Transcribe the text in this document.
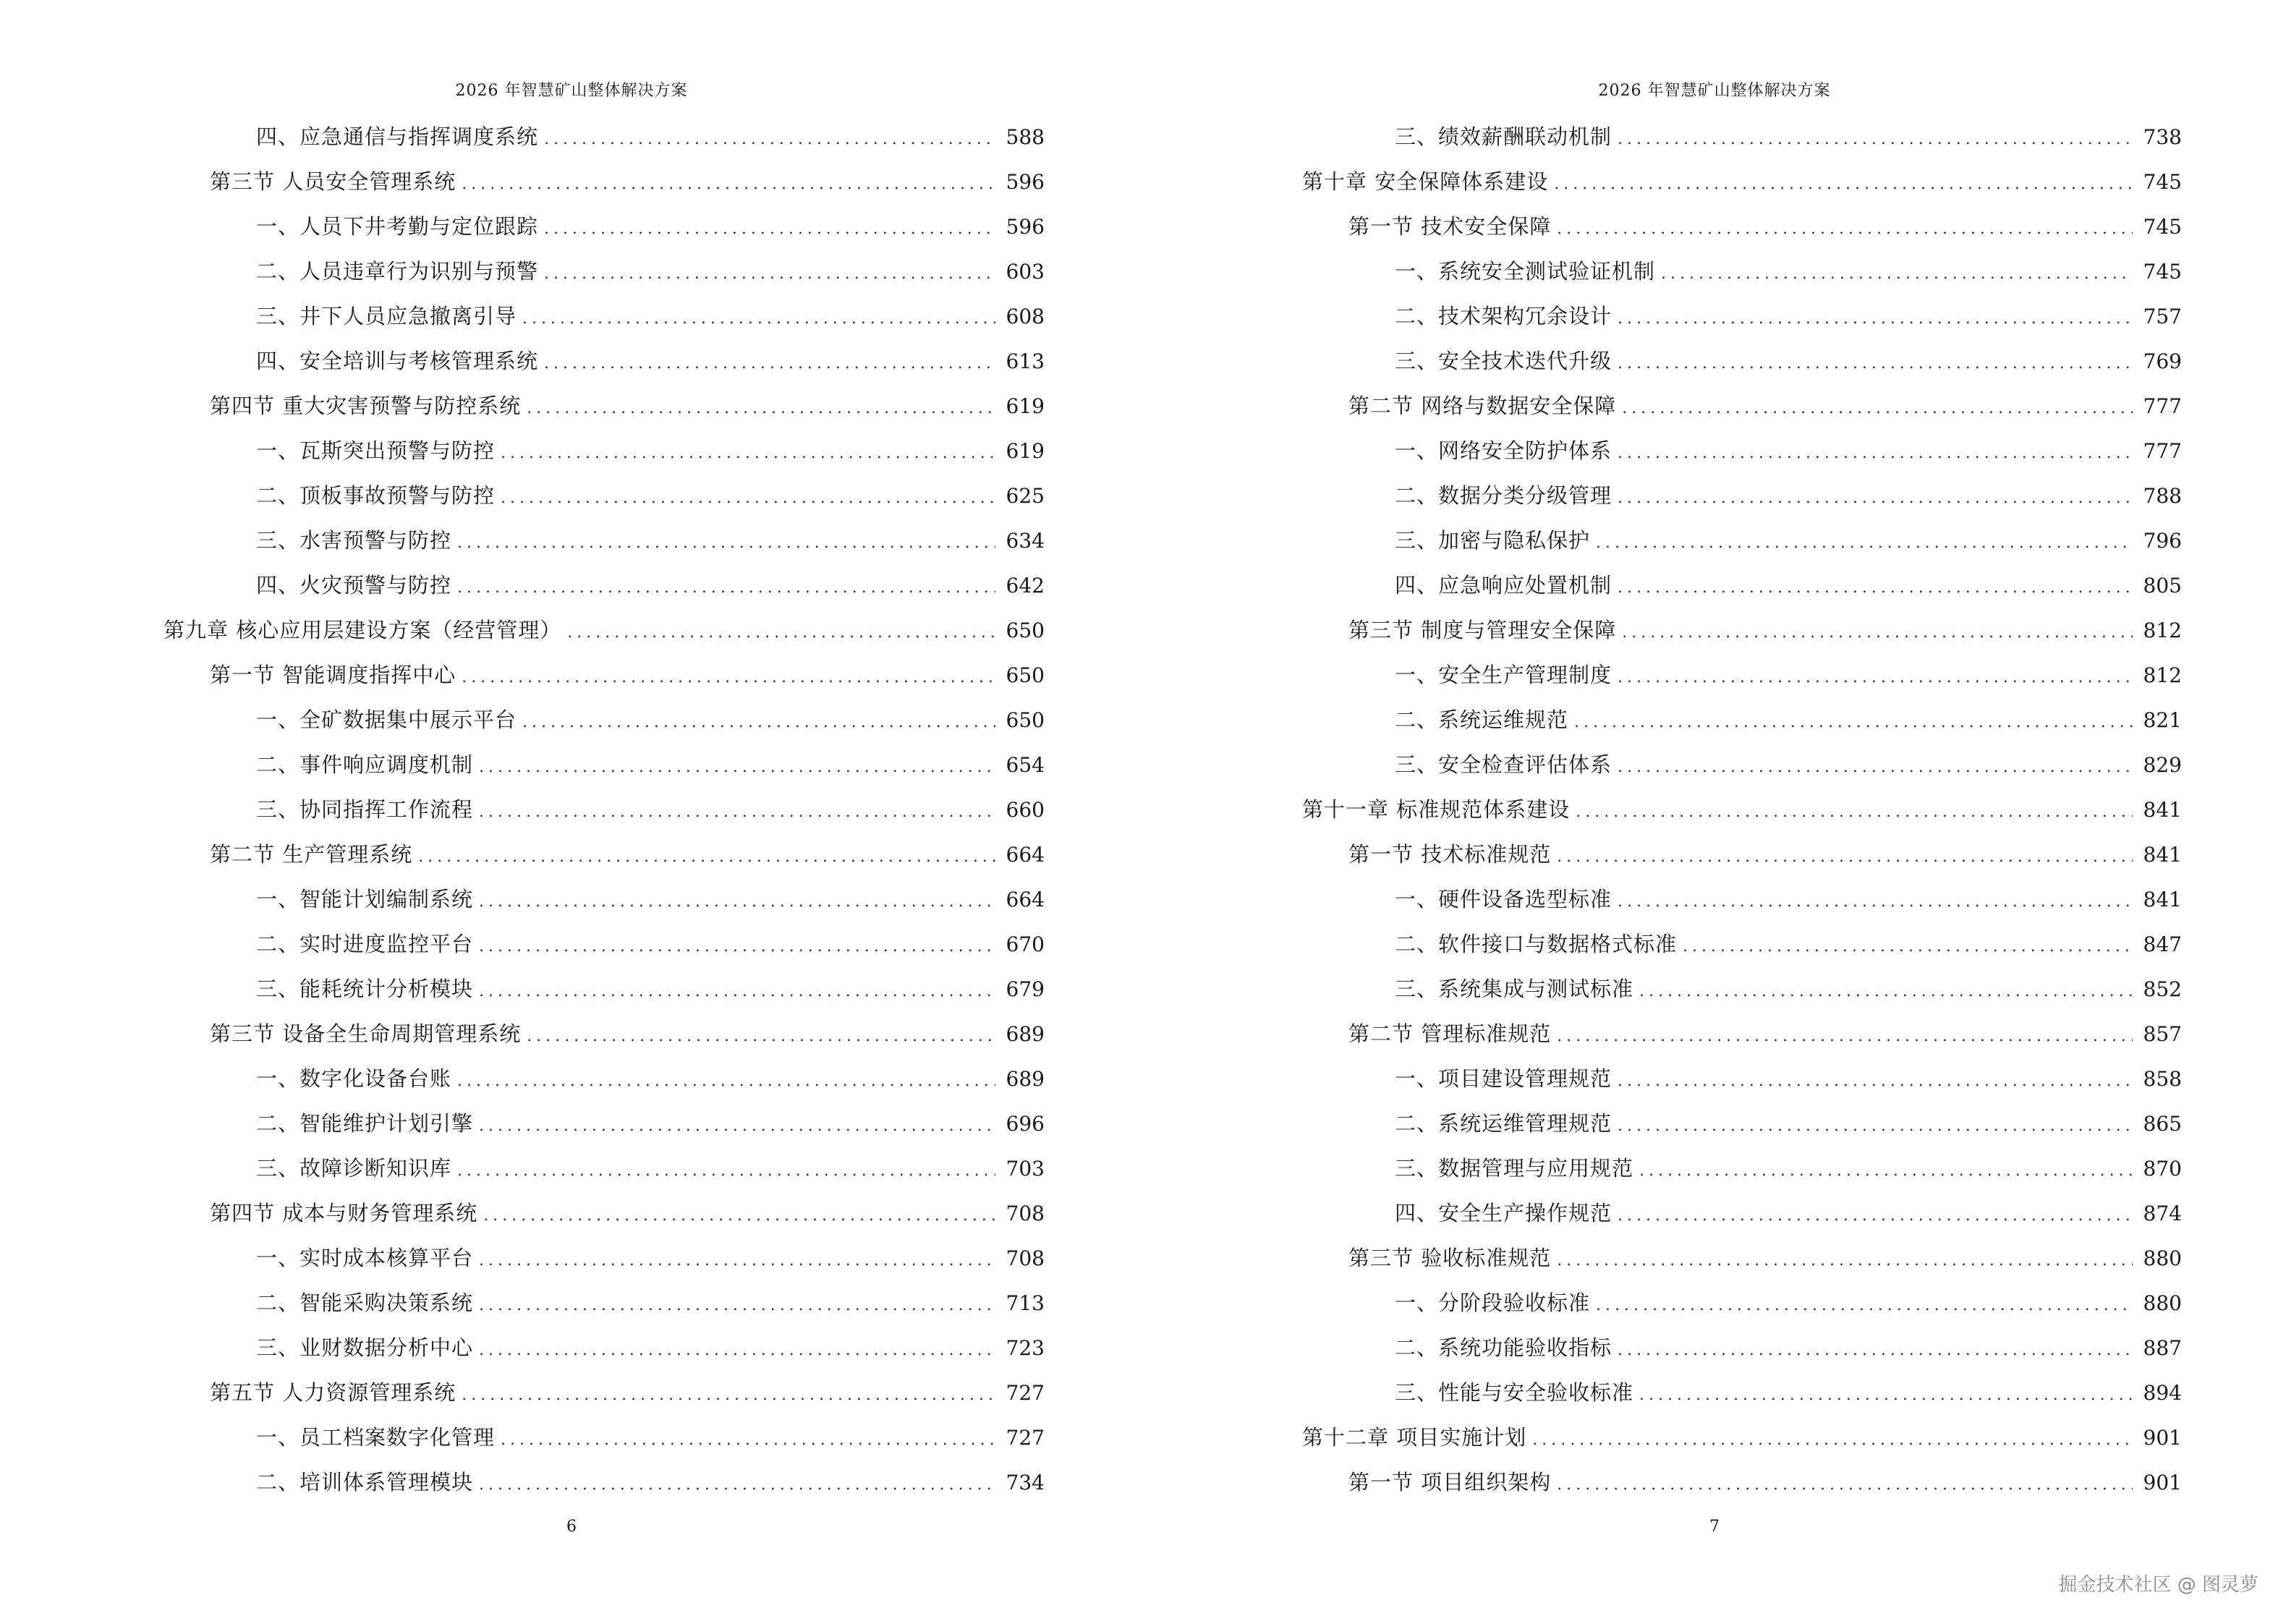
2026 年智慧矿山整体解决方案
四、应急通信与指挥调度系统 .....	588
第三节 人员安全管理系统 .....	596
一、人员下井考勤与定位跟踪 .....	596
二、人员违章行为识别与预警 .....	603
三、井下人员应急撤离引导 .....	608
四、安全培训与考核管理系统 .....	613
第四节 重大灾害预警与防控系统 .....	619
一、瓦斯突出预警与防控 .....	619
二、顶板事故预警与防控 .....	625
三、水害预警与防控 .....	634
四、火灾预警与防控 .....	642
第九章 核心应用层建设方案（经营管理） .....	650
第一节 智能调度指挥中心 .....	650
一、全矿数据集中展示平台 .....	650
二、事件响应调度机制 .....	654
三、协同指挥工作流程 .....	660
第二节 生产管理系统 .....	664
一、智能计划编制系统 .....	664
二、实时进度监控平台 .....	670
三、能耗统计分析模块 .....	679
第三节 设备全生命周期管理系统 .....	689
一、数字化设备台账 .....	689
二、智能维护计划引擎 .....	696
三、故障诊断知识库 .....	703
第四节 成本与财务管理系统 .....	708
一、实时成本核算平台 .....	708
二、智能采购决策系统 .....	713
三、业财数据分析中心 .....	723
第五节 人力资源管理系统 .....	727
一、员工档案数字化管理 .....	727
二、培训体系管理模块 .....	734
6
2026 年智慧矿山整体解决方案
三、绩效薪酬联动机制 .....	738
第十章 安全保障体系建设 .....	745
第一节 技术安全保障 .....	745
一、系统安全测试验证机制 .....	745
二、技术架构冗余设计 .....	757
三、安全技术迭代升级 .....	769
第二节 网络与数据安全保障 .....	777
一、网络安全防护体系 .....	777
二、数据分类分级管理 .....	788
三、加密与隐私保护 .....	796
四、应急响应处置机制 .....	805
第三节 制度与管理安全保障 .....	812
一、安全生产管理制度 .....	812
二、系统运维规范 .....	821
三、安全检查评估体系 .....	829
第十一章 标准规范体系建设 .....	841
第一节 技术标准规范 .....	841
一、硬件设备选型标准 .....	841
二、软件接口与数据格式标准 .....	847
三、系统集成与测试标准 .....	852
第二节 管理标准规范 .....	857
一、项目建设管理规范 .....	858
二、系统运维管理规范 .....	865
三、数据管理与应用规范 .....	870
四、安全生产操作规范 .....	874
第三节 验收标准规范 .....	880
一、分阶段验收标准 .....	880
二、系统功能验收指标 .....	887
三、性能与安全验收标准 .....	894
第十二章 项目实施计划 .....	901
第一节 项目组织架构 .....	901
7
掘金技术社区 @ 图灵萝
